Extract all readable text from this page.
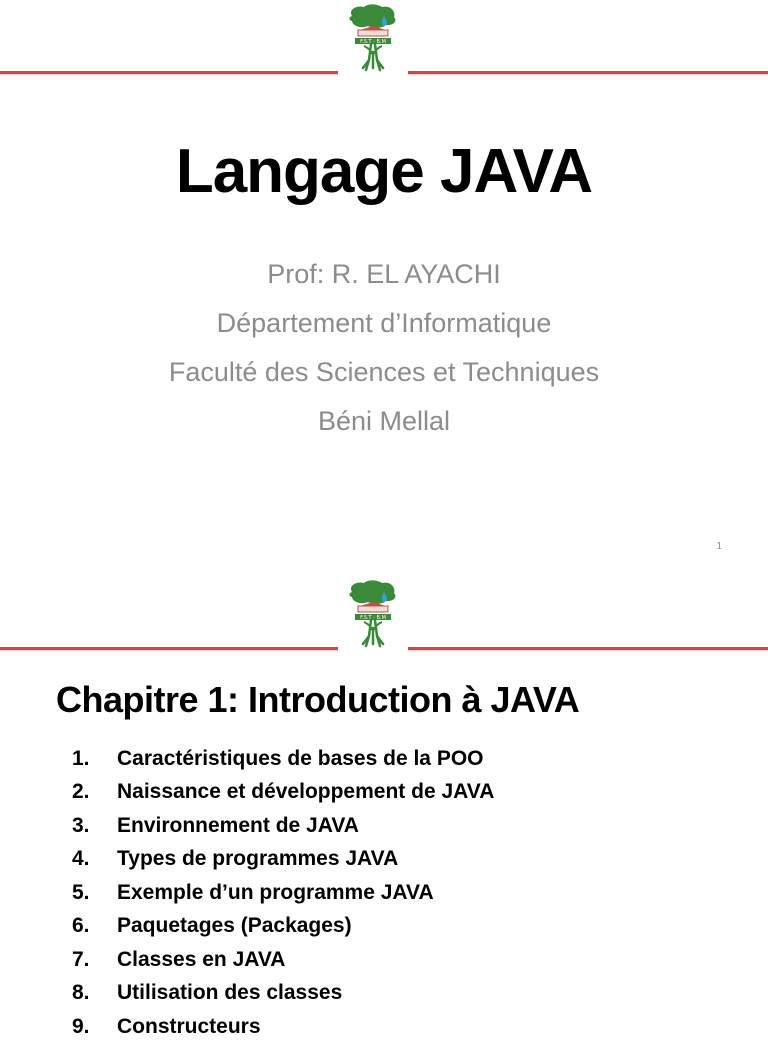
F.S.T - B.M
Langage JAVA
Prof: R. EL AYACHI
Département d’Informatique
Faculté des Sciences et Techniques
Béni Mellal
1
F.S.T - B.M
Chapitre 1: Introduction à JAVA
1.	Caractéristiques de bases de la POO
2.	Naissance et développement de JAVA
3.	Environnement de JAVA
4.	Types de programmes JAVA
5.	Exemple d’un programme JAVA
6.	Paquetages (Packages)
7.	Classes en JAVA
8.	Utilisation des classes
9.	Constructeurs
